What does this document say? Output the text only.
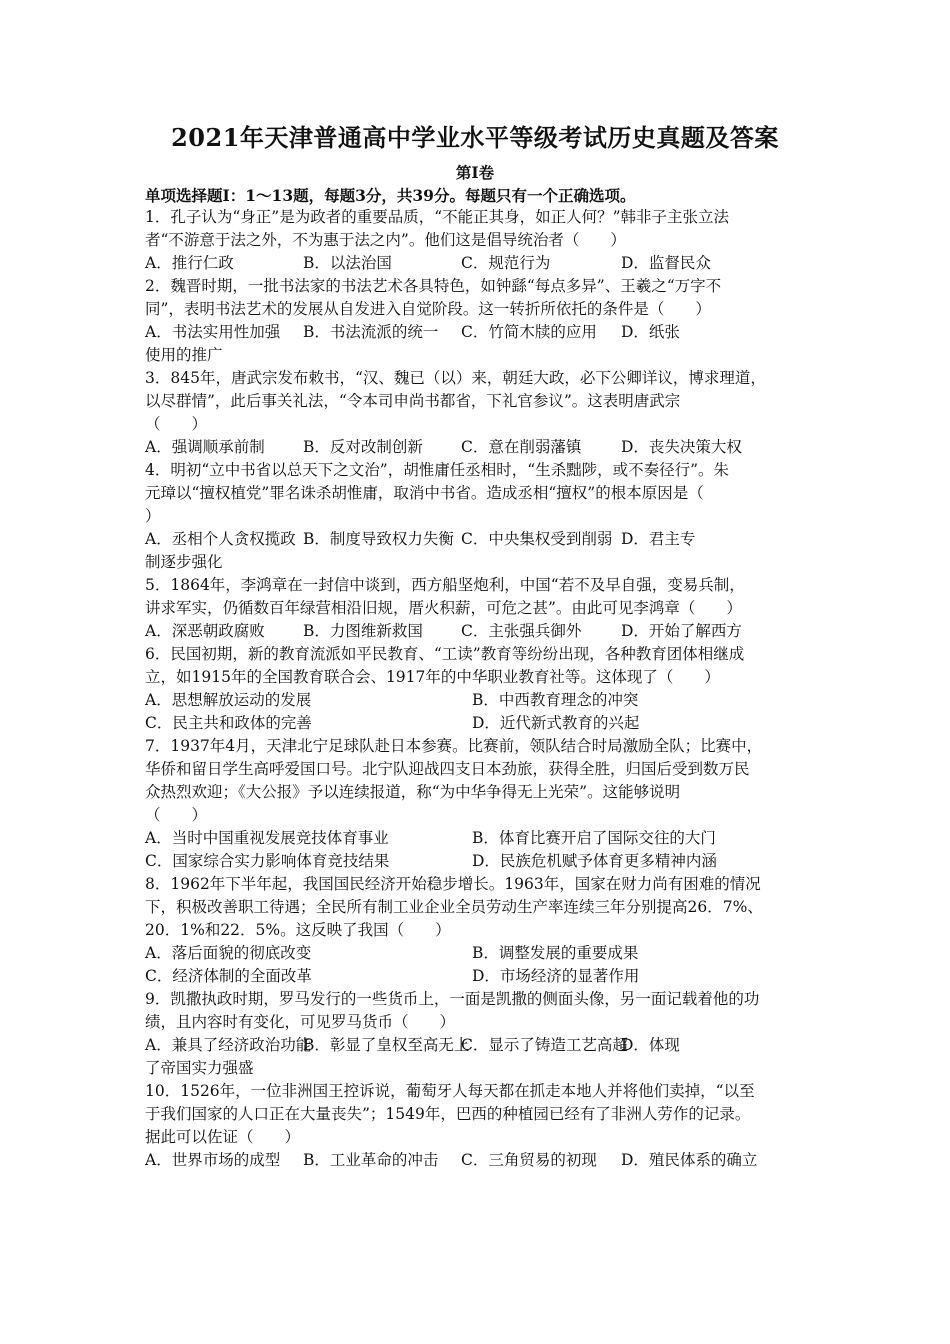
2021年天津普通高中学业水平等级考试历史真题及答案
第Ⅰ卷
单项选择题Ⅰ：1～13题，每题3分，共39分。每题只有一个正确选项。
1．孔子认为“身正”是为政者的重要品质，“不能正其身，如正人何？”韩非子主张立法
者“不游意于法之外，不为惠于法之内”。他们这是倡导统治者（　　）
A．推行仁政	B．以法治国	C．规范行为	D．监督民众
2．魏晋时期，一批书法家的书法艺术各具特色，如钟繇“每点多异”、王羲之“万字不
同”，表明书法艺术的发展从自发进入自觉阶段。这一转折所依托的条件是（　　）
A．书法实用性加强 B．书法流派的统一 C．竹简木牍的应用 D．纸张
使用的推广
3．845年，唐武宗发布敕书，“汉、魏已（以）来，朝廷大政，必下公卿详议，博求理道，
以尽群情”，此后事关礼法，“令本司申尚书都省，下礼官参议”。这表明唐武宗
（　　）
A．强调顺承前制 B．反对改制创新 C．意在削弱藩镇	D．丧失决策大权
4．明初“立中书省以总天下之文治”，胡惟庸任丞相时，“生杀黜陟，或不奏径行”。朱
元璋以“擅权植党”罪名诛杀胡惟庸，取消中书省。造成丞相“擅权”的根本原因是（
）
A．丞相个人贪权揽政 B．制度导致权力失衡 C．中央集权受到削弱 D．君主专
制逐步强化
5．1864年，李鸿章在一封信中谈到，西方船坚炮利，中国“若不及早自强，变易兵制，
讲求军实，仍循数百年绿营相沿旧规，厝火积薪，可危之甚”。由此可见李鸿章（　　）
A．深恶朝政腐败 B．力图维新救国 C．主张强兵御外	D．开始了解西方
6．民国初期，新的教育流派如平民教育、“工读”教育等纷纷出现，各种教育团体相继成
立，如1915年的全国教育联合会、1917年的中华职业教育社等。这体现了（　　）
A．思想解放运动的发展	B．中西教育理念的冲突
C．民主共和政体的完善	D．近代新式教育的兴起
7．1937年4月，天津北宁足球队赴日本参赛。比赛前，领队结合时局激励全队；比赛中，
华侨和留日学生高呼爱国口号。北宁队迎战四支日本劲旅，获得全胜，归国后受到数万民
众热烈欢迎；《大公报》予以连续报道，称“为中华争得无上光荣”。这能够说明
（　　）
A．当时中国重视发展竞技体育事业	B．体育比赛开启了国际交往的大门
C．国家综合实力影响体育竞技结果	D．民族危机赋予体育更多精神内涵
8．1962年下半年起，我国国民经济开始稳步增长。1963年，国家在财力尚有困难的情况
下，积极改善职工待遇；全民所有制工业企业全员劳动生产率连续三年分别提高26．7%、
20．1%和22．5%。这反映了我国（　　）
A．落后面貌的彻底改变	B．调整发展的重要成果
C．经济体制的全面改革	D．市场经济的显著作用
9．凯撒执政时期，罗马发行的一些货币上，一面是凯撒的侧面头像，另一面记载着他的功
绩，且内容时有变化，可见罗马货币（　　）
A．兼具了经济政治功能B．彰显了皇权至高无上C．显示了铸造工艺高超D．体现
了帝国实力强盛
10．1526年，一位非洲国王控诉说，葡萄牙人每天都在抓走本地人并将他们卖掉，“以至
于我们国家的人口正在大量丧失”；1549年，巴西的种植园已经有了非洲人劳作的记录。
据此可以佐证（　　）
A．世界市场的成型 B．工业革命的冲击 C．三角贸易的初现 D．殖民体系的确立
